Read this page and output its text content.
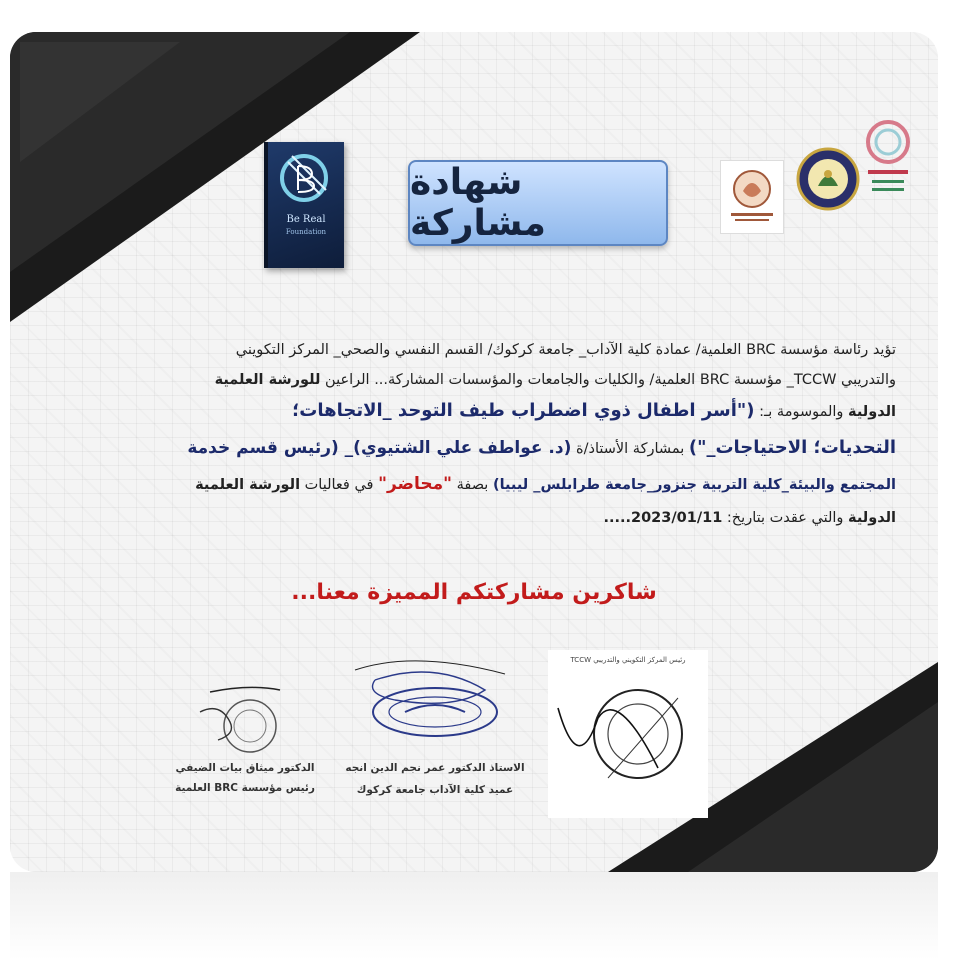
Be Real
Foundation
شهادة مشاركة
تؤيد رئاسة مؤسسة BRC العلمية/ عمادة كلية الآداب_ جامعة كركوك/ القسم النفسي والصحي_ المركز التكويني
والتدريبي TCCW_ مؤسسة BRC العلمية/ والكليات والجامعات والمؤسسات المشاركة... الراعين للورشة العلمية
الدولية والموسومة بـ: ("أسر اطفال ذوي اضطراب طيف التوحد _الاتجاهات؛
التحديات؛ الاحتياجات_") بمشاركة الأستاذ/ة (د. عواطف علي الشتيوي)_ (رئيس قسم خدمة
المجتمع والبيئة_كلية التربية جنزور_جامعة طرابلس_ ليبيا) بصفة "محاضر" في فعاليات الورشة العلمية
الدولية والتي عقدت بتاريخ: 2023/01/11.....
شاكرين مشاركتكم المميزة معنا...
الدكتور ميثاق بيات الضيفي
رئيس مؤسسة BRC العلمية
الاستاذ الدكتور عمر نجم الدين انجه
عميد كلية الآداب جامعة كركوك
رئيس المركز التكويني والتدريبي TCCW
